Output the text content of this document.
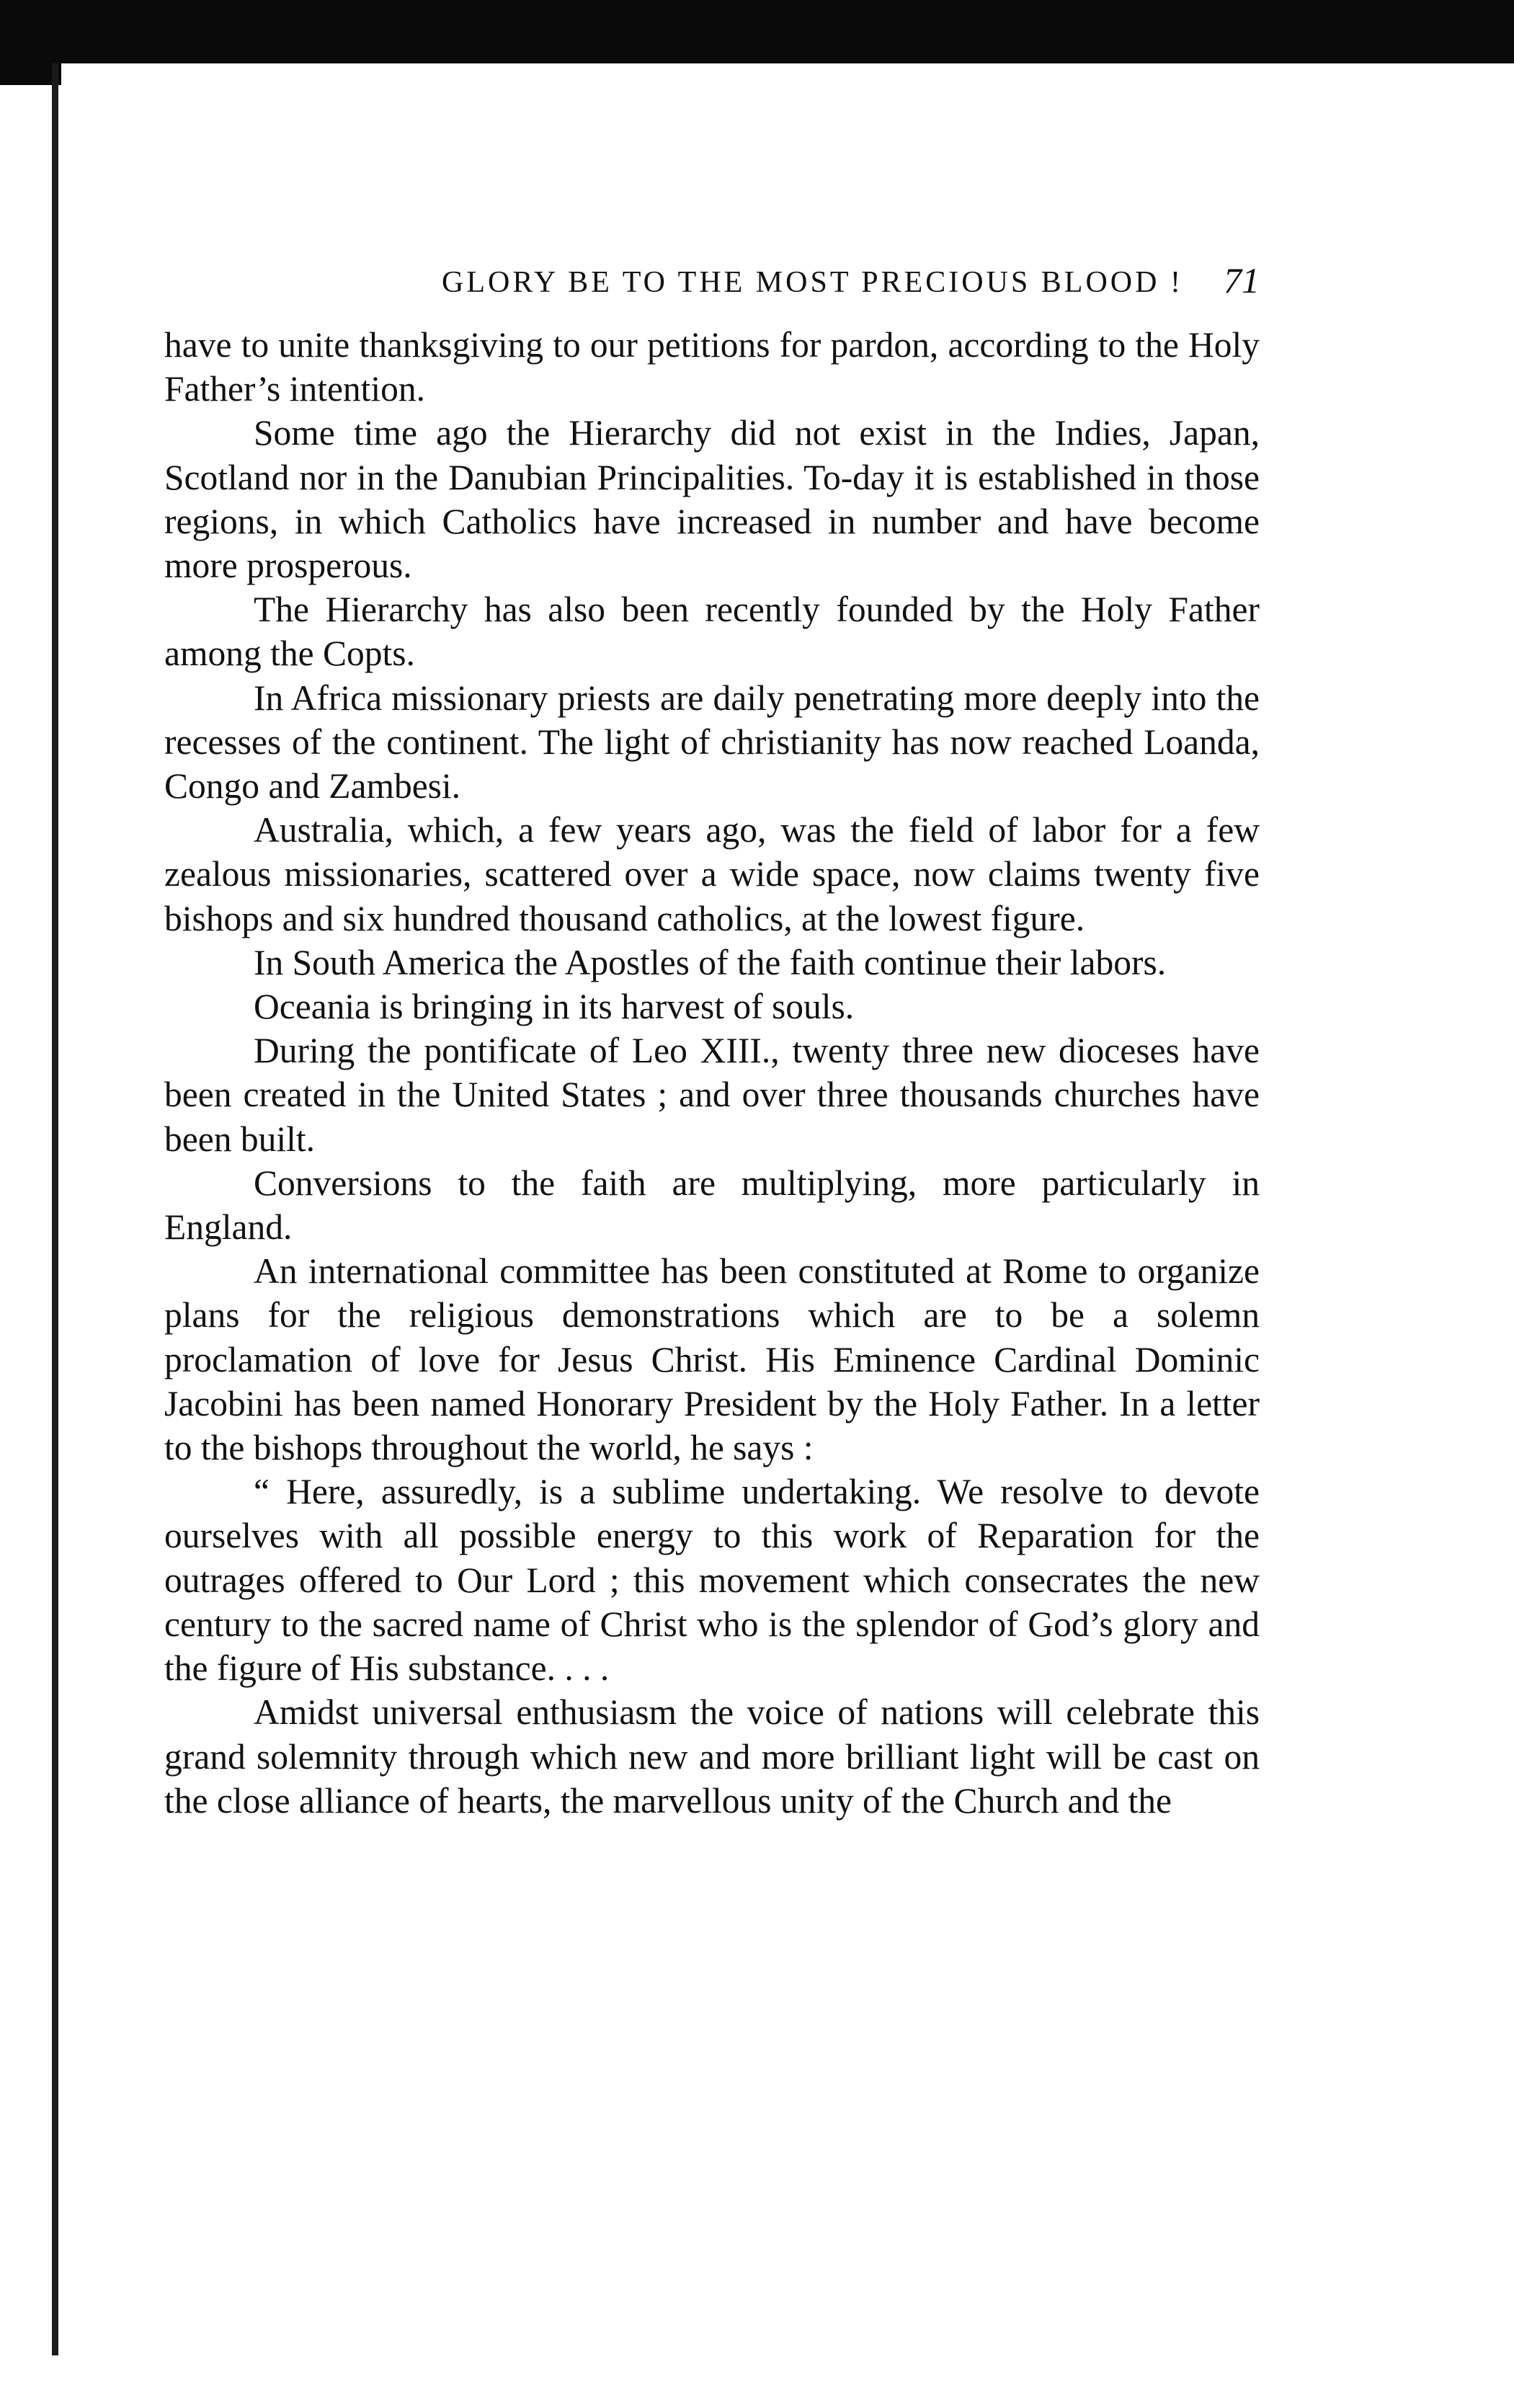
GLORY BE TO THE MOST PRECIOUS BLOOD ! 71

have to unite thanksgiving to our petitions for pardon, according to the Holy Father’s intention.

Some time ago the Hierarchy did not exist in the Indies, Japan, Scotland nor in the Danubian Principalities. To-day it is established in those regions, in which Catholics have increased in number and have become more prosperous.

The Hierarchy has also been recently founded by the Holy Father among the Copts.

In Africa missionary priests are daily penetrating more deeply into the recesses of the continent. The light of christianity has now reached Loanda, Congo and Zambesi.

Australia, which, a few years ago, was the field of labor for a few zealous missionaries, scattered over a wide space, now claims twenty five bishops and six hundred thousand catholics, at the lowest figure.

In South America the Apostles of the faith continue their labors.

Oceania is bringing in its harvest of souls.

During the pontificate of Leo XIII., twenty three new dioceses have been created in the United States ; and over three thousands churches have been built.

Conversions to the faith are multiplying, more particularly in England.

An international committee has been constituted at Rome to organize plans for the religious demonstrations which are to be a solemn proclamation of love for Jesus Christ. His Eminence Cardinal Dominic Jacobini has been named Honorary President by the Holy Father. In a letter to the bishops throughout the world, he says :

“ Here, assuredly, is a sublime undertaking. We resolve to devote ourselves with all possible energy to this work of Reparation for the outrages offered to Our Lord ; this movement which consecrates the new century to the sacred name of Christ who is the splendor of God’s glory and the figure of His substance. . . .

Amidst universal enthusiasm the voice of nations will celebrate this grand solemnity through which new and more brilliant light will be cast on the close alliance of hearts, the marvellous unity of the Church and the
